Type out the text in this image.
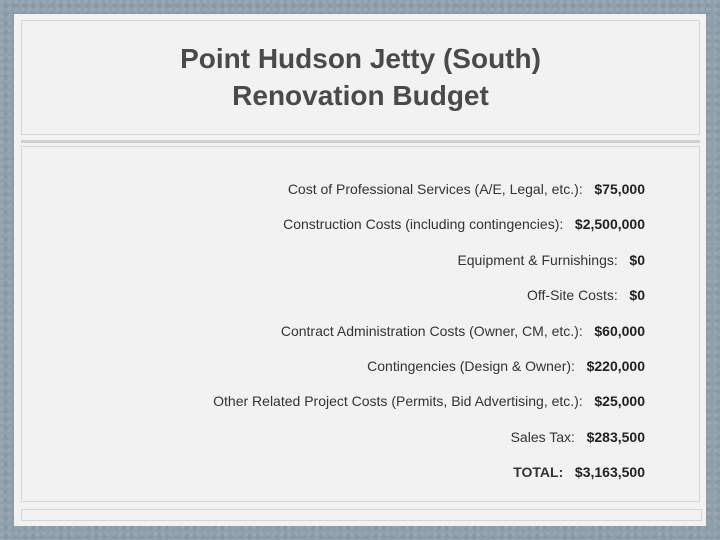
Point Hudson Jetty (South)
Renovation Budget
Cost of Professional Services (A/E, Legal, etc.):   $75,000
Construction Costs (including contingencies):   $2,500,000
Equipment & Furnishings:   $0
Off-Site Costs:   $0
Contract Administration Costs (Owner, CM, etc.):   $60,000
Contingencies (Design & Owner):   $220,000
Other Related Project Costs (Permits, Bid Advertising, etc.):   $25,000
Sales Tax:   $283,500
TOTAL:   $3,163,500
